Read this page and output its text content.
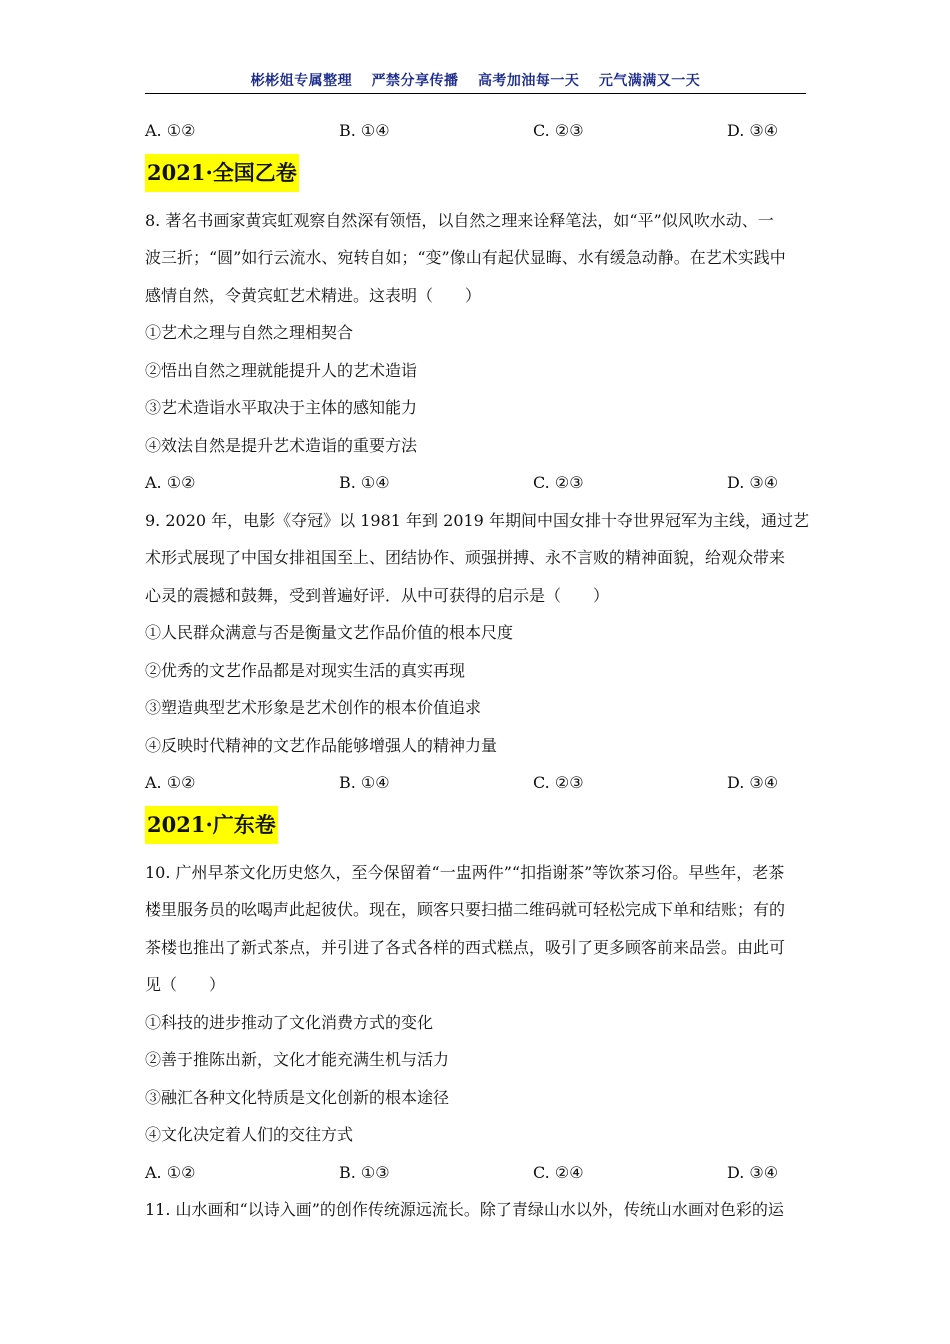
彬彬姐专属整理 严禁分享传播 高考加油每一天 元气满满又一天
A. ①②	B. ①④	C. ②③	D. ③④
2021·全国乙卷
8. 著名书画家黄宾虹观察自然深有领悟，以自然之理来诠释笔法，如“平”似风吹水动、一
波三折；“圆”如行云流水、宛转自如；“变”像山有起伏显晦、水有缓急动静。在艺术实践中
感情自然，令黄宾虹艺术精进。这表明（　　）
①艺术之理与自然之理相契合
②悟出自然之理就能提升人的艺术造诣
③艺术造诣水平取决于主体的感知能力
④效法自然是提升艺术造诣的重要方法
A. ①②	B. ①④	C. ②③	D. ③④
9. 2020 年，电影《夺冠》以 1981 年到 2019 年期间中国女排十夺世界冠军为主线，通过艺
术形式展现了中国女排祖国至上、团结协作、顽强拼搏、永不言败的精神面貌，给观众带来
心灵的震撼和鼓舞，受到普遍好评．从中可获得的启示是（　　）
①人民群众满意与否是衡量文艺作品价值的根本尺度
②优秀的文艺作品都是对现实生活的真实再现
③塑造典型艺术形象是艺术创作的根本价值追求
④反映时代精神的文艺作品能够增强人的精神力量
A. ①②	B. ①④	C. ②③	D. ③④
2021·广东卷
10. 广州早茶文化历史悠久，至今保留着“一盅两件”“扣指谢茶”等饮茶习俗。早些年，老茶
楼里服务员的吆喝声此起彼伏。现在，顾客只要扫描二维码就可轻松完成下单和结账；有的
茶楼也推出了新式茶点，并引进了各式各样的西式糕点，吸引了更多顾客前来品尝。由此可
见（　　）
①科技的进步推动了文化消费方式的变化
②善于推陈出新，文化才能充满生机与活力
③融汇各种文化特质是文化创新的根本途径
④文化决定着人们的交往方式
A. ①②	B. ①③	C. ②④	D. ③④
11. 山水画和“以诗入画”的创作传统源远流长。除了青绿山水以外，传统山水画对色彩的运
